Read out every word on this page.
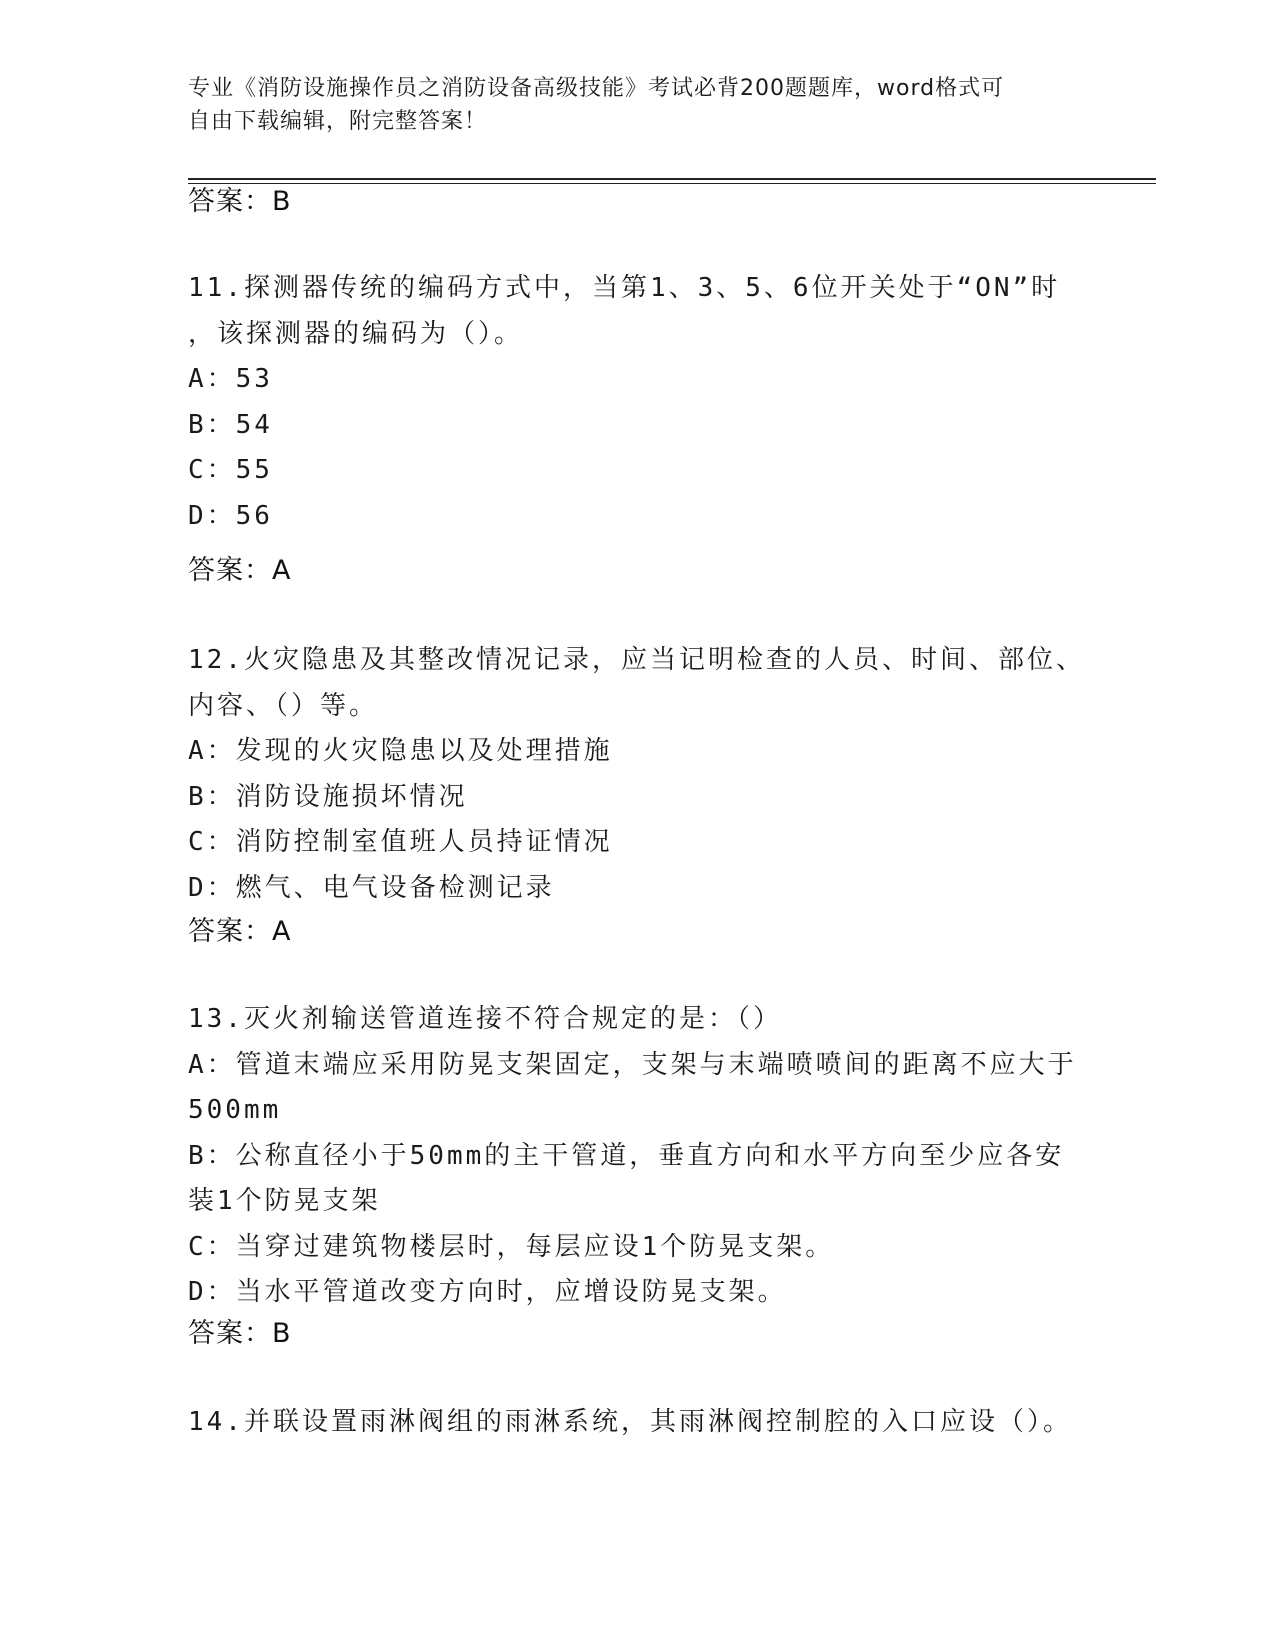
专业《消防设施操作员之消防设备高级技能》考试必背200题题库，word格式可
自由下载编辑，附完整答案！
答案：B
11.探测器传统的编码方式中，当第1、3、5、6位开关处于“ON”时
，该探测器的编码为（）。
A：53
B：54
C：55
D：56
答案：A
12.火灾隐患及其整改情况记录，应当记明检查的人员、时间、部位、
内容、（）等。
A：发现的火灾隐患以及处理措施
B：消防设施损坏情况
C：消防控制室值班人员持证情况
D：燃气、电气设备检测记录
答案：A
13.灭火剂输送管道连接不符合规定的是：（）
A：管道末端应采用防晃支架固定，支架与末端喷喷间的距离不应大于
500mm
B：公称直径小于50mm的主干管道，垂直方向和水平方向至少应各安
装1个防晃支架
C：当穿过建筑物楼层时，每层应设1个防晃支架。
D：当水平管道改变方向时，应增设防晃支架。
答案：B
14.并联设置雨淋阀组的雨淋系统，其雨淋阀控制腔的入口应设（）。
